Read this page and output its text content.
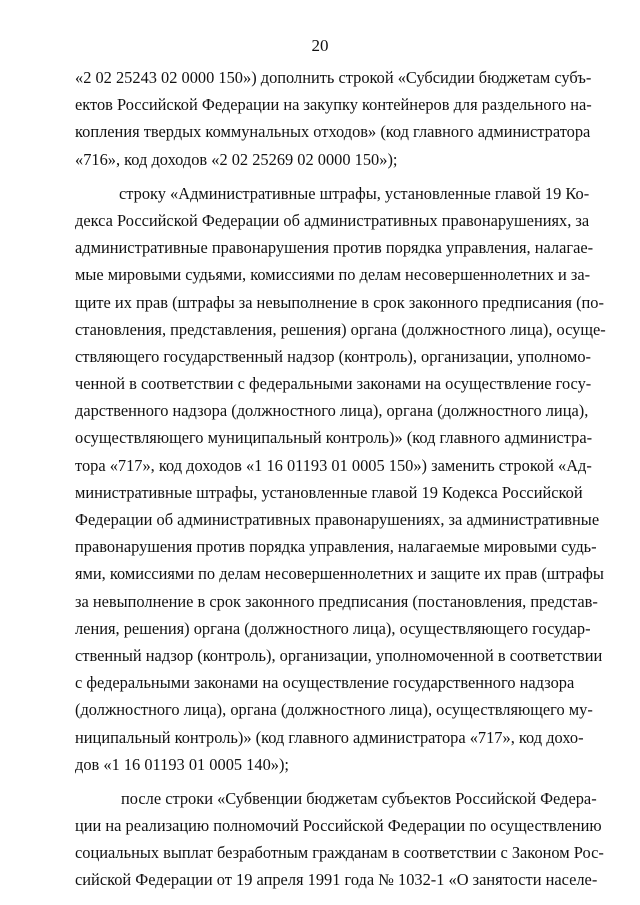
20
«2 02 25243 02 0000 150») дополнить строкой «Субсидии бюджетам субъ-
ектов Российской Федерации на закупку контейнеров для раздельного на-
копления твердых коммунальных отходов» (код главного администратора
«716», код доходов «2 02 25269 02 0000 150»);
строку «Административные штрафы, установленные главой 19 Ко-
декса Российской Федерации об административных правонарушениях, за
административные правонарушения против порядка управления, налагае-
мые мировыми судьями, комиссиями по делам несовершеннолетних и за-
щите их прав (штрафы за невыполнение в срок законного предписания (по-
становления, представления, решения) органа (должностного лица), осуще-
ствляющего государственный надзор (контроль), организации, уполномо-
ченной в соответствии с федеральными законами на осуществление госу-
дарственного надзора (должностного лица), органа (должностного лица),
осуществляющего муниципальный контроль)» (код главного администра-
тора «717», код доходов «1 16 01193 01 0005 150») заменить строкой «Ад-
министративные штрафы, установленные главой 19 Кодекса Российской
Федерации об административных правонарушениях, за административные
правонарушения против порядка управления, налагаемые мировыми судь-
ями, комиссиями по делам несовершеннолетних и защите их прав (штрафы
за невыполнение в срок законного предписания (постановления, представ-
ления, решения) органа (должностного лица), осуществляющего государ-
ственный надзор (контроль), организации, уполномоченной в соответствии
с федеральными законами на осуществление государственного надзора
(должностного лица), органа (должностного лица), осуществляющего му-
ниципальный контроль)» (код главного администратора «717», код дохо-
дов «1 16 01193 01 0005 140»);
после строки «Субвенции бюджетам субъектов Российской Федера-
ции на реализацию полномочий Российской Федерации по осуществлению
социальных выплат безработным гражданам в соответствии с Законом Рос-
сийской Федерации от 19 апреля 1991 года № 1032-1 «О занятости населе-
